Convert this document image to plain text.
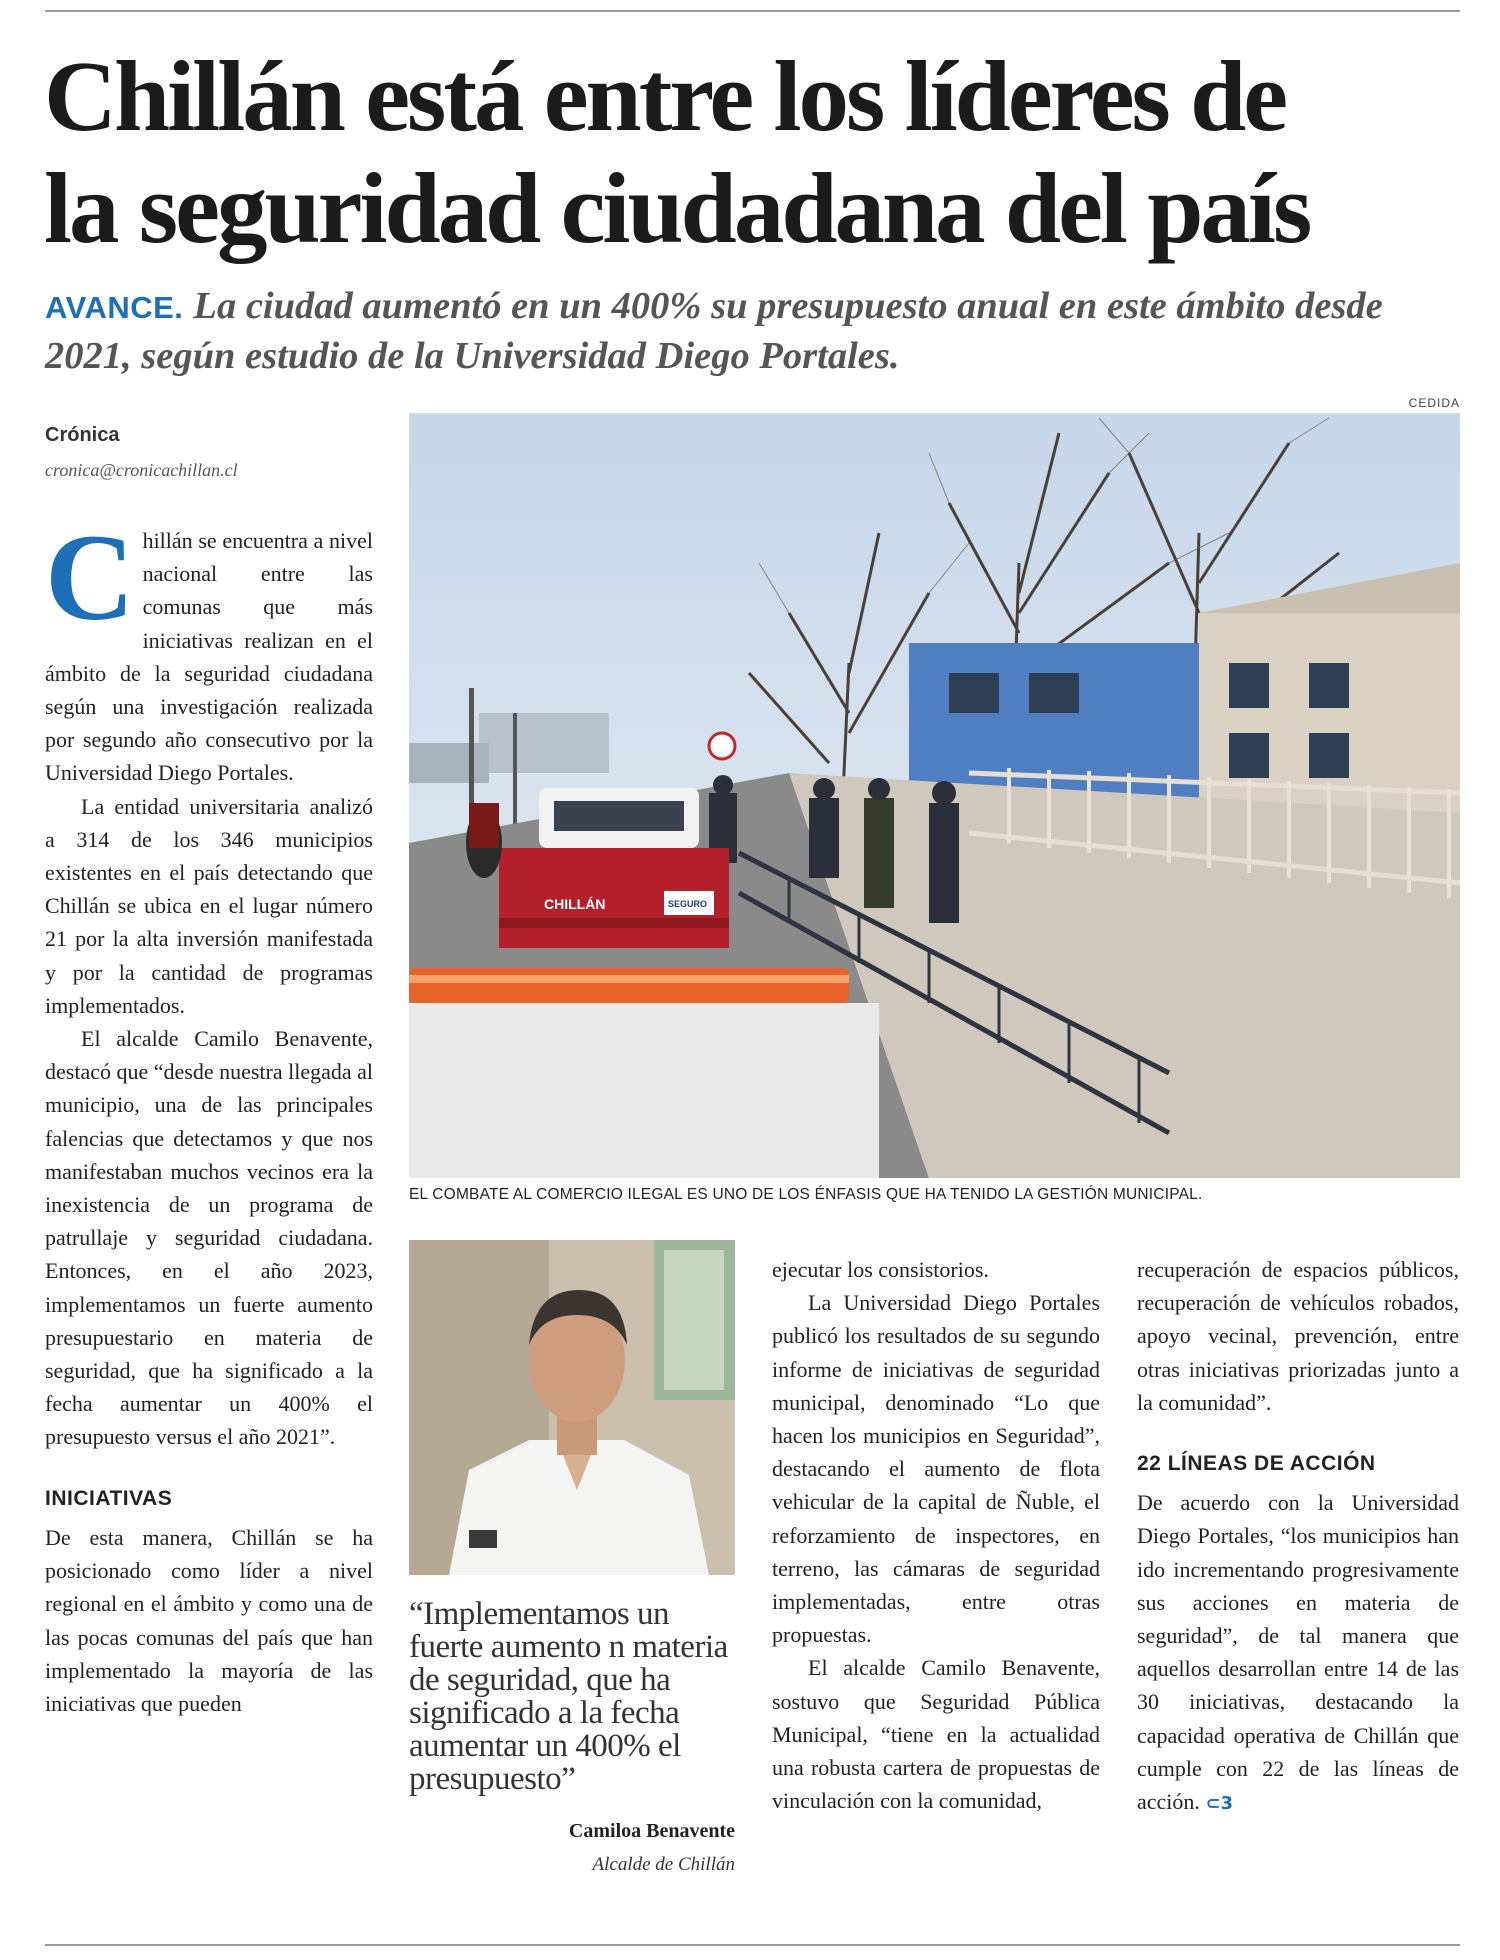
Chillán está entre los líderes de
la seguridad ciudadana del país

AVANCE. La ciudad aumentó en un 400% su presupuesto anual en este ámbito desde 2021, según estudio de la Universidad Diego Portales.

CEDIDA
Crónica
cronica@cronicachillan.cl

Chillán se encuentra a nivel nacional entre las comunas que más iniciativas realizan en el ámbito de la seguridad ciudadana según una investigación realizada por segundo año consecutivo por la Universidad Diego Portales.

La entidad universitaria analizó a 314 de los 346 municipios existentes en el país detectando que Chillán se ubica en el lugar número 21 por la alta inversión manifestada y por la cantidad de programas implementados.

El alcalde Camilo Benavente, destacó que “desde nuestra llegada al municipio, una de las principales falencias que detectamos y que nos manifestaban muchos vecinos era la inexistencia de un programa de patrullaje y seguridad ciudadana. Entonces, en el año 2023, implementamos un fuerte aumento presupuestario en materia de seguridad, que ha significado a la fecha aumentar un 400% el presupuesto versus el año 2021”.

INICIATIVAS

De esta manera, Chillán se ha posicionado como líder a nivel regional en el ámbito y como una de las pocas comunas del país que han implementado la mayoría de las iniciativas que pueden

CHILLÁN	SEGURO
EL COMBATE AL COMERCIO ILEGAL ES UNO DE LOS ÉNFASIS QUE HA TENIDO LA GESTIÓN MUNICIPAL.

“Implementamos un fuerte aumento n materia de seguridad, que ha significado a la fecha aumentar un 400% el presupuesto”

Camiloa Benavente
Alcalde de Chillán

ejecutar los consistorios.

La Universidad Diego Portales publicó los resultados de su segundo informe de iniciativas de seguridad municipal, denominado “Lo que hacen los municipios en Seguridad”, destacando el aumento de flota vehicular de la capital de Ñuble, el reforzamiento de inspectores, en terreno, las cámaras de seguridad implementadas, entre otras propuestas.

El alcalde Camilo Benavente, sostuvo que Seguridad Pública Municipal, “tiene en la actualidad una robusta cartera de propuestas de vinculación con la comunidad,

recuperación de espacios públicos, recuperación de vehículos robados, apoyo vecinal, prevención, entre otras iniciativas priorizadas junto a la comunidad”.

22 LÍNEAS DE ACCIÓN

De acuerdo con la Universidad Diego Portales, “los municipios han ido incrementando progresivamente sus acciones en materia de seguridad”, de tal manera que aquellos desarrollan entre 14 de las 30 iniciativas, destacando la capacidad operativa de Chillán que cumple con 22 de las líneas de acción. ⊂3
